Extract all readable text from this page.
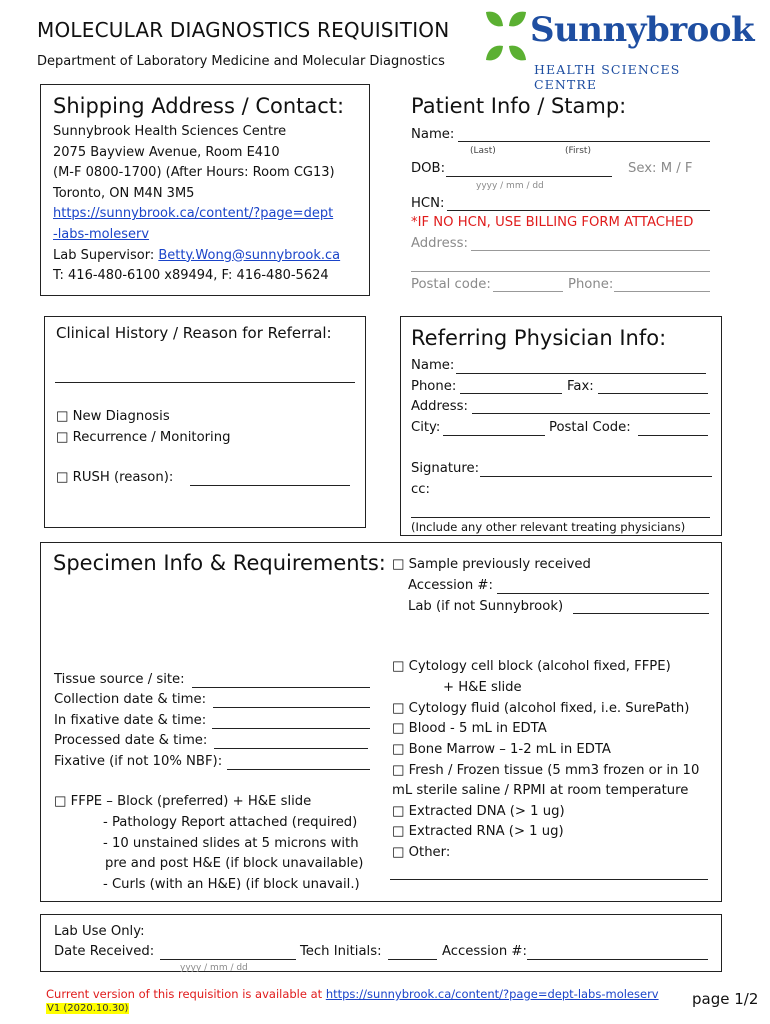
MOLECULAR DIAGNOSTICS REQUISITION
Department of Laboratory Medicine and Molecular Diagnostics
Sunnybrook
HEALTH SCIENCES CENTRE
Shipping Address / Contact:
Sunnybrook Health Sciences Centre
2075 Bayview Avenue, Room E410
(M-F 0800-1700) (After Hours: Room CG13)
Toronto, ON M4N 3M5
https://sunnybrook.ca/content/?page=dept
-labs-moleserv
Lab Supervisor: Betty.Wong@sunnybrook.ca
T: 416-480-6100 x89494, F: 416-480-5624
Patient Info / Stamp:
Name:
(Last)	(First)
DOB:	Sex: M / F
yyyy / mm / dd
HCN:
*IF NO HCN, USE BILLING FORM ATTACHED
Address:
Postal code:	Phone:
Clinical History / Reason for Referral:
□ New Diagnosis
□ Recurrence / Monitoring
□ RUSH (reason):
Referring Physician Info:
Name:
Phone:	Fax:
Address:
City:	Postal Code:
Signature:
cc:
(Include any other relevant treating physicians)
Specimen Info & Requirements: □ Sample previously received
Accession #:
Lab (if not Sunnybrook)
Tissue source / site:
Collection date & time:
In fixative date & time:
Processed date & time:
Fixative (if not 10% NBF):
□ FFPE – Block (preferred) + H&E slide
- Pathology Report attached (required)
- 10 unstained slides at 5 microns with
pre and post H&E (if block unavailable)
- Curls (with an H&E) (if block unavail.)
□ Cytology cell block (alcohol fixed, FFPE)
+ H&E slide
□ Cytology fluid (alcohol fixed, i.e. SurePath)
□ Blood - 5 mL in EDTA
□ Bone Marrow – 1-2 mL in EDTA
□ Fresh / Frozen tissue (5 mm3 frozen or in 10
mL sterile saline / RPMI at room temperature
□ Extracted DNA (> 1 ug)
□ Extracted RNA (> 1 ug)
□ Other:
Lab Use Only:
Date Received:	Tech Initials:	Accession #:
yyyy / mm / dd
Current version of this requisition is available at https://sunnybrook.ca/content/?page=dept-labs-moleserv
V1 (2020.10.30)
page 1/2
